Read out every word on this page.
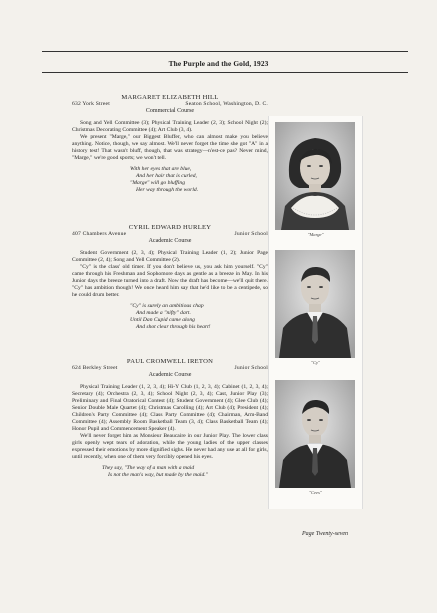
The Purple and the Gold, 1923
MARGARET ELIZABETH HILL
632 York Street	Seaton School, Washington, D. C.
Commercial Course

Song and Yell Committee (3); Physical Training Leader (2, 3); School Night (2); Christmas Decorating Committee (4); Art Club (3, 4).

We present "Marge," our Biggest Bluffer, who can almost make you believe anything. Notice, though, we say almost. We'll never forget the time she got "A" in a history test! That wasn't bluff, though, that was strategy—n'est-ce pas? Never mind, "Marge," we're good sports; we won't tell.

With her eyes that are blue,
And her hair that is curled,
"Marge" will go bluffing
Her way through the world.
CYRIL EDWARD HURLEY
407 Chambers Avenue	Junior School
Academic Course

Student Government (2, 3, 4); Physical Training Leader (1, 2); Junior Page Committee (2, 4); Song and Yell Committee (2).

"Cy" is the class' old timer. If you don't believe us, you ask him yourself. "Cy" came through his Freshman and Sophomore days as gentle as a breeze in May. In his Junior days the breeze turned into a draft. Now the draft has become—we'll quit there. "Cy" has ambition though! We once heard him say that he'd like to be a centipede, so he could drum better.

"Cy" is surely an ambitious chap
And made a "nifty" dart.
Until Dan Cupid came along
And shot clear through his heart!
PAUL CROMWELL IRETON
624 Berkley Street	Junior School
Academic Course

Physical Training Leader (1, 2, 3, 4); Hi-Y Club (1, 2, 3, 4); Cabinet (1, 2, 3, 4); Secretary (4); Orchestra (2, 3, 4); School Night (2, 3, 4); Cast, Junior Play (3); Preliminary and Final Oratorical Contest (4); Student Government (4); Glee Club (4); Senior Double Male Quartet (4); Christmas Carolling (4); Art Club (4); President (4); Children's Party Committee (4); Class Party Committee (4); Chairman, Arm-Band Committee (4); Assembly Room Basketball Team (3, 4); Class Basketball Team (4); Honor Pupil and Commencement Speaker (4).

We'll never forget him as Monsieur Beaucaire in our Junior Play. The lower class girls openly wept tears of adoration, while the young ladies of the upper classes expressed their emotions by more dignified sighs. He never had any use at all for girls, until recently, when one of them very forcibly opened his eyes.

They say, "The way of a man with a maid
Is not the man's way, but made by the maid."
"Marge"
"Cy"
"Cees"
Page Twenty-seven
